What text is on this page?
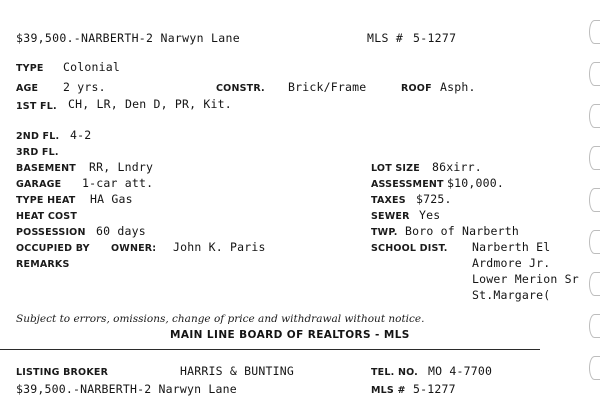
$39,500.-NARBERTH-2 Narwyn Lane	MLS # 5-1277
TYPE Colonial
AGE 2 yrs.	CONSTR. Brick/Frame	ROOF Asph.
1ST FL. CH, LR, Den D, PR, Kit.
2ND FL. 4-2
3RD FL.
BASEMENT RR, Lndry	LOT SIZE 86xirr.
GARAGE 1-car att.	ASSESSMENT $10,000.
TYPE HEAT HA Gas	TAXES $725.
HEAT COST	SEWER Yes
POSSESSION 60 days	TWP. Boro of Narberth
OCCUPIED BY OWNER: John K. Paris	SCHOOL DIST. Narberth El
REMARKS	Ardmore Jr.
Lower Merion Sr
St.Margare(
Subject to errors, omissions, change of price and withdrawal without notice.
MAIN LINE BOARD OF REALTORS - MLS
LISTING BROKER	HARRIS & BUNTING	TEL. NO. MO 4-7700
$39,500.-NARBERTH-2 Narwyn Lane	MLS # 5-1277
